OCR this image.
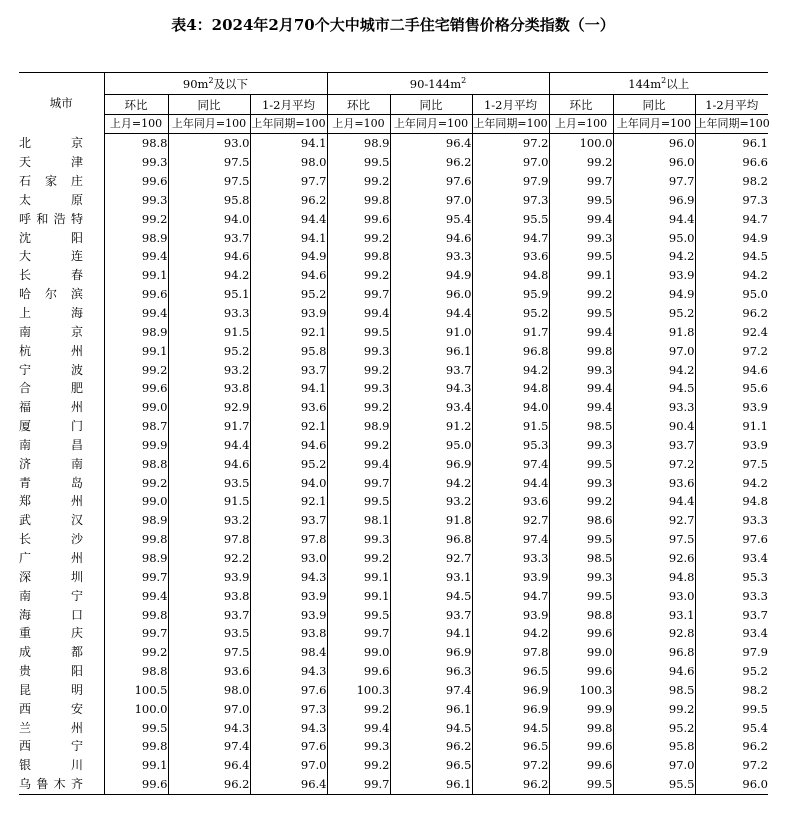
表4：2024年2月70个大中城市二手住宅销售价格分类指数（一）
城市	$90m^2$及以下			$90-144m^2$			$144m^2$以上		
	环比	同比	1-2月平均	环比	同比	1-2月平均	环比	同比	1-2月平均
	上月=100	上年同月=100	上年同期=100	上月=100	上年同月=100	上年同期=100	上月=100	上年同月=100	上年同期=100

北 京	98.8	93.0	94.1	98.9	96.4	97.2	100.0	96.0	96.1

天 津	99.3	97.5	98.0	99.5	96.2	97.0	99.2	96.0	96.6

石 家 庄	99.6	97.5	97.7	99.2	97.6	97.9	99.7	97.7	98.2

太 原	99.3	95.8	96.2	99.8	97.0	97.3	99.5	96.9	97.3

呼 和 浩 特	99.2	94.0	94.4	99.6	95.4	95.5	99.4	94.4	94.7

沈 阳	98.9	93.7	94.1	99.2	94.6	94.7	99.3	95.0	94.9

大 连	99.4	94.6	94.9	99.8	93.3	93.6	99.5	94.2	94.5

长 春	99.1	94.2	94.6	99.2	94.9	94.8	99.1	93.9	94.2

哈 尔 滨	99.6	95.1	95.2	99.7	96.0	95.9	99.2	94.9	95.0

上 海	99.4	93.3	93.9	99.4	94.4	95.2	99.5	95.2	96.2

南 京	98.9	91.5	92.1	99.5	91.0	91.7	99.4	91.8	92.4

杭 州	99.1	95.2	95.8	99.3	96.1	96.8	99.8	97.0	97.2

宁 波	99.2	93.2	93.7	99.2	93.7	94.2	99.3	94.2	94.6

合 肥	99.6	93.8	94.1	99.3	94.3	94.8	99.4	94.5	95.6

福 州	99.0	92.9	93.6	99.2	93.4	94.0	99.4	93.3	93.9

厦 门	98.7	91.7	92.1	98.9	91.2	91.5	98.5	90.4	91.1

南 昌	99.9	94.4	94.6	99.2	95.0	95.3	99.3	93.7	93.9

济 南	98.8	94.6	95.2	99.4	96.9	97.4	99.5	97.2	97.5

青 岛	99.2	93.5	94.0	99.7	94.2	94.4	99.3	93.6	94.2

郑 州	99.0	91.5	92.1	99.5	93.2	93.6	99.2	94.4	94.8

武 汉	98.9	93.2	93.7	98.1	91.8	92.7	98.6	92.7	93.3

长 沙	99.8	97.8	97.8	99.3	96.8	97.4	99.5	97.5	97.6

广 州	98.9	92.2	93.0	99.2	92.7	93.3	98.5	92.6	93.4

深 圳	99.7	93.9	94.3	99.1	93.1	93.9	99.3	94.8	95.3

南 宁	99.4	93.8	93.9	99.1	94.5	94.7	99.5	93.0	93.3

海 口	99.8	93.7	93.9	99.5	93.7	93.9	98.8	93.1	93.7

重 庆	99.7	93.5	93.8	99.7	94.1	94.2	99.6	92.8	93.4

成 都	99.2	97.5	98.4	99.0	96.9	97.8	99.0	96.8	97.9

贵 阳	98.8	93.6	94.3	99.6	96.3	96.5	99.6	94.6	95.2

昆 明	100.5	98.0	97.6	100.3	97.4	96.9	100.3	98.5	98.2

西 安	100.0	97.0	97.3	99.2	96.1	96.9	99.9	99.2	99.5

兰 州	99.5	94.3	94.3	99.4	94.5	94.5	99.8	95.2	95.4

西 宁	99.8	97.4	97.6	99.3	96.2	96.5	99.6	95.8	96.2

银 川	99.1	96.4	97.0	99.2	96.5	97.2	99.6	97.0	97.2

乌 鲁 木 齐	99.6	96.2	96.4	99.7	96.1	96.2	99.5	95.5	96.0
